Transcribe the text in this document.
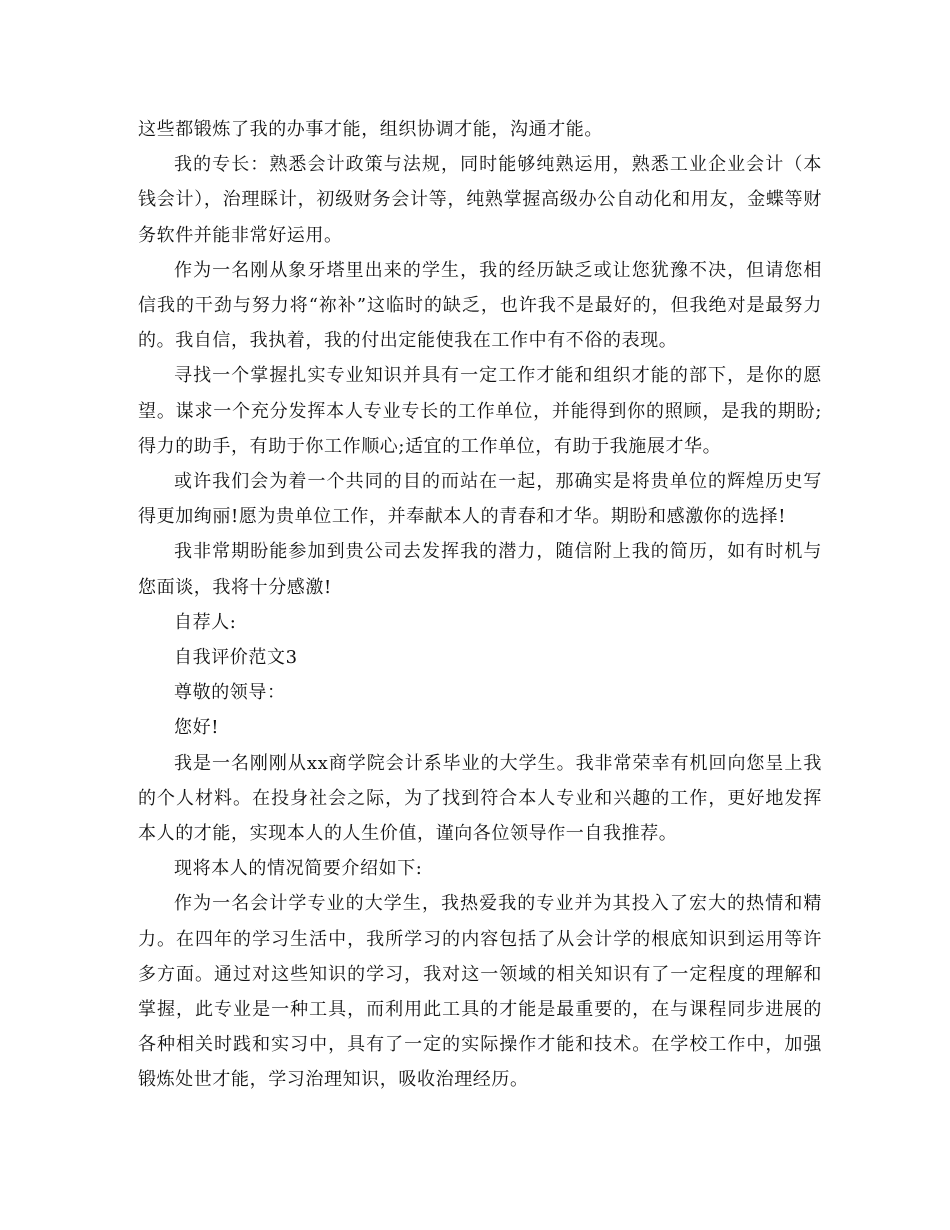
这些都锻炼了我的办事才能，组织协调才能，沟通才能。

我的专长：熟悉会计政策与法规，同时能够纯熟运用，熟悉工业企业会计（本钱会计），治理睬计，初级财务会计等，纯熟掌握高级办公自动化和用友，金蝶等财务软件并能非常好运用。

作为一名刚从象牙塔里出来的学生，我的经历缺乏或让您犹豫不决，但请您相信我的干劲与努力将“祢补”这临时的缺乏，也许我不是最好的，但我绝对是最努力的。我自信，我执着，我的付出定能使我在工作中有不俗的表现。

寻找一个掌握扎实专业知识并具有一定工作才能和组织才能的部下，是你的愿望。谋求一个充分发挥本人专业专长的工作单位，并能得到你的照顾，是我的期盼;得力的助手，有助于你工作顺心;适宜的工作单位，有助于我施展才华。

或许我们会为着一个共同的目的而站在一起，那确实是将贵单位的辉煌历史写得更加绚丽!愿为贵单位工作，并奉献本人的青春和才华。期盼和感激你的选择!

我非常期盼能参加到贵公司去发挥我的潜力，随信附上我的简历，如有时机与您面谈，我将十分感激!

自荐人:

自我评价范文3

尊敬的领导：

您好!

我是一名刚刚从xx商学院会计系毕业的大学生。我非常荣幸有机回向您呈上我的个人材料。在投身社会之际，为了找到符合本人专业和兴趣的工作，更好地发挥本人的才能，实现本人的人生价值，谨向各位领导作一自我推荐。

现将本人的情况简要介绍如下:

作为一名会计学专业的大学生，我热爱我的专业并为其投入了宏大的热情和精力。在四年的学习生活中，我所学习的内容包括了从会计学的根底知识到运用等许多方面。通过对这些知识的学习，我对这一领域的相关知识有了一定程度的理解和掌握，此专业是一种工具，而利用此工具的才能是最重要的，在与课程同步进展的各种相关时践和实习中，具有了一定的实际操作才能和技术。在学校工作中，加强锻炼处世才能，学习治理知识，吸收治理经历。
